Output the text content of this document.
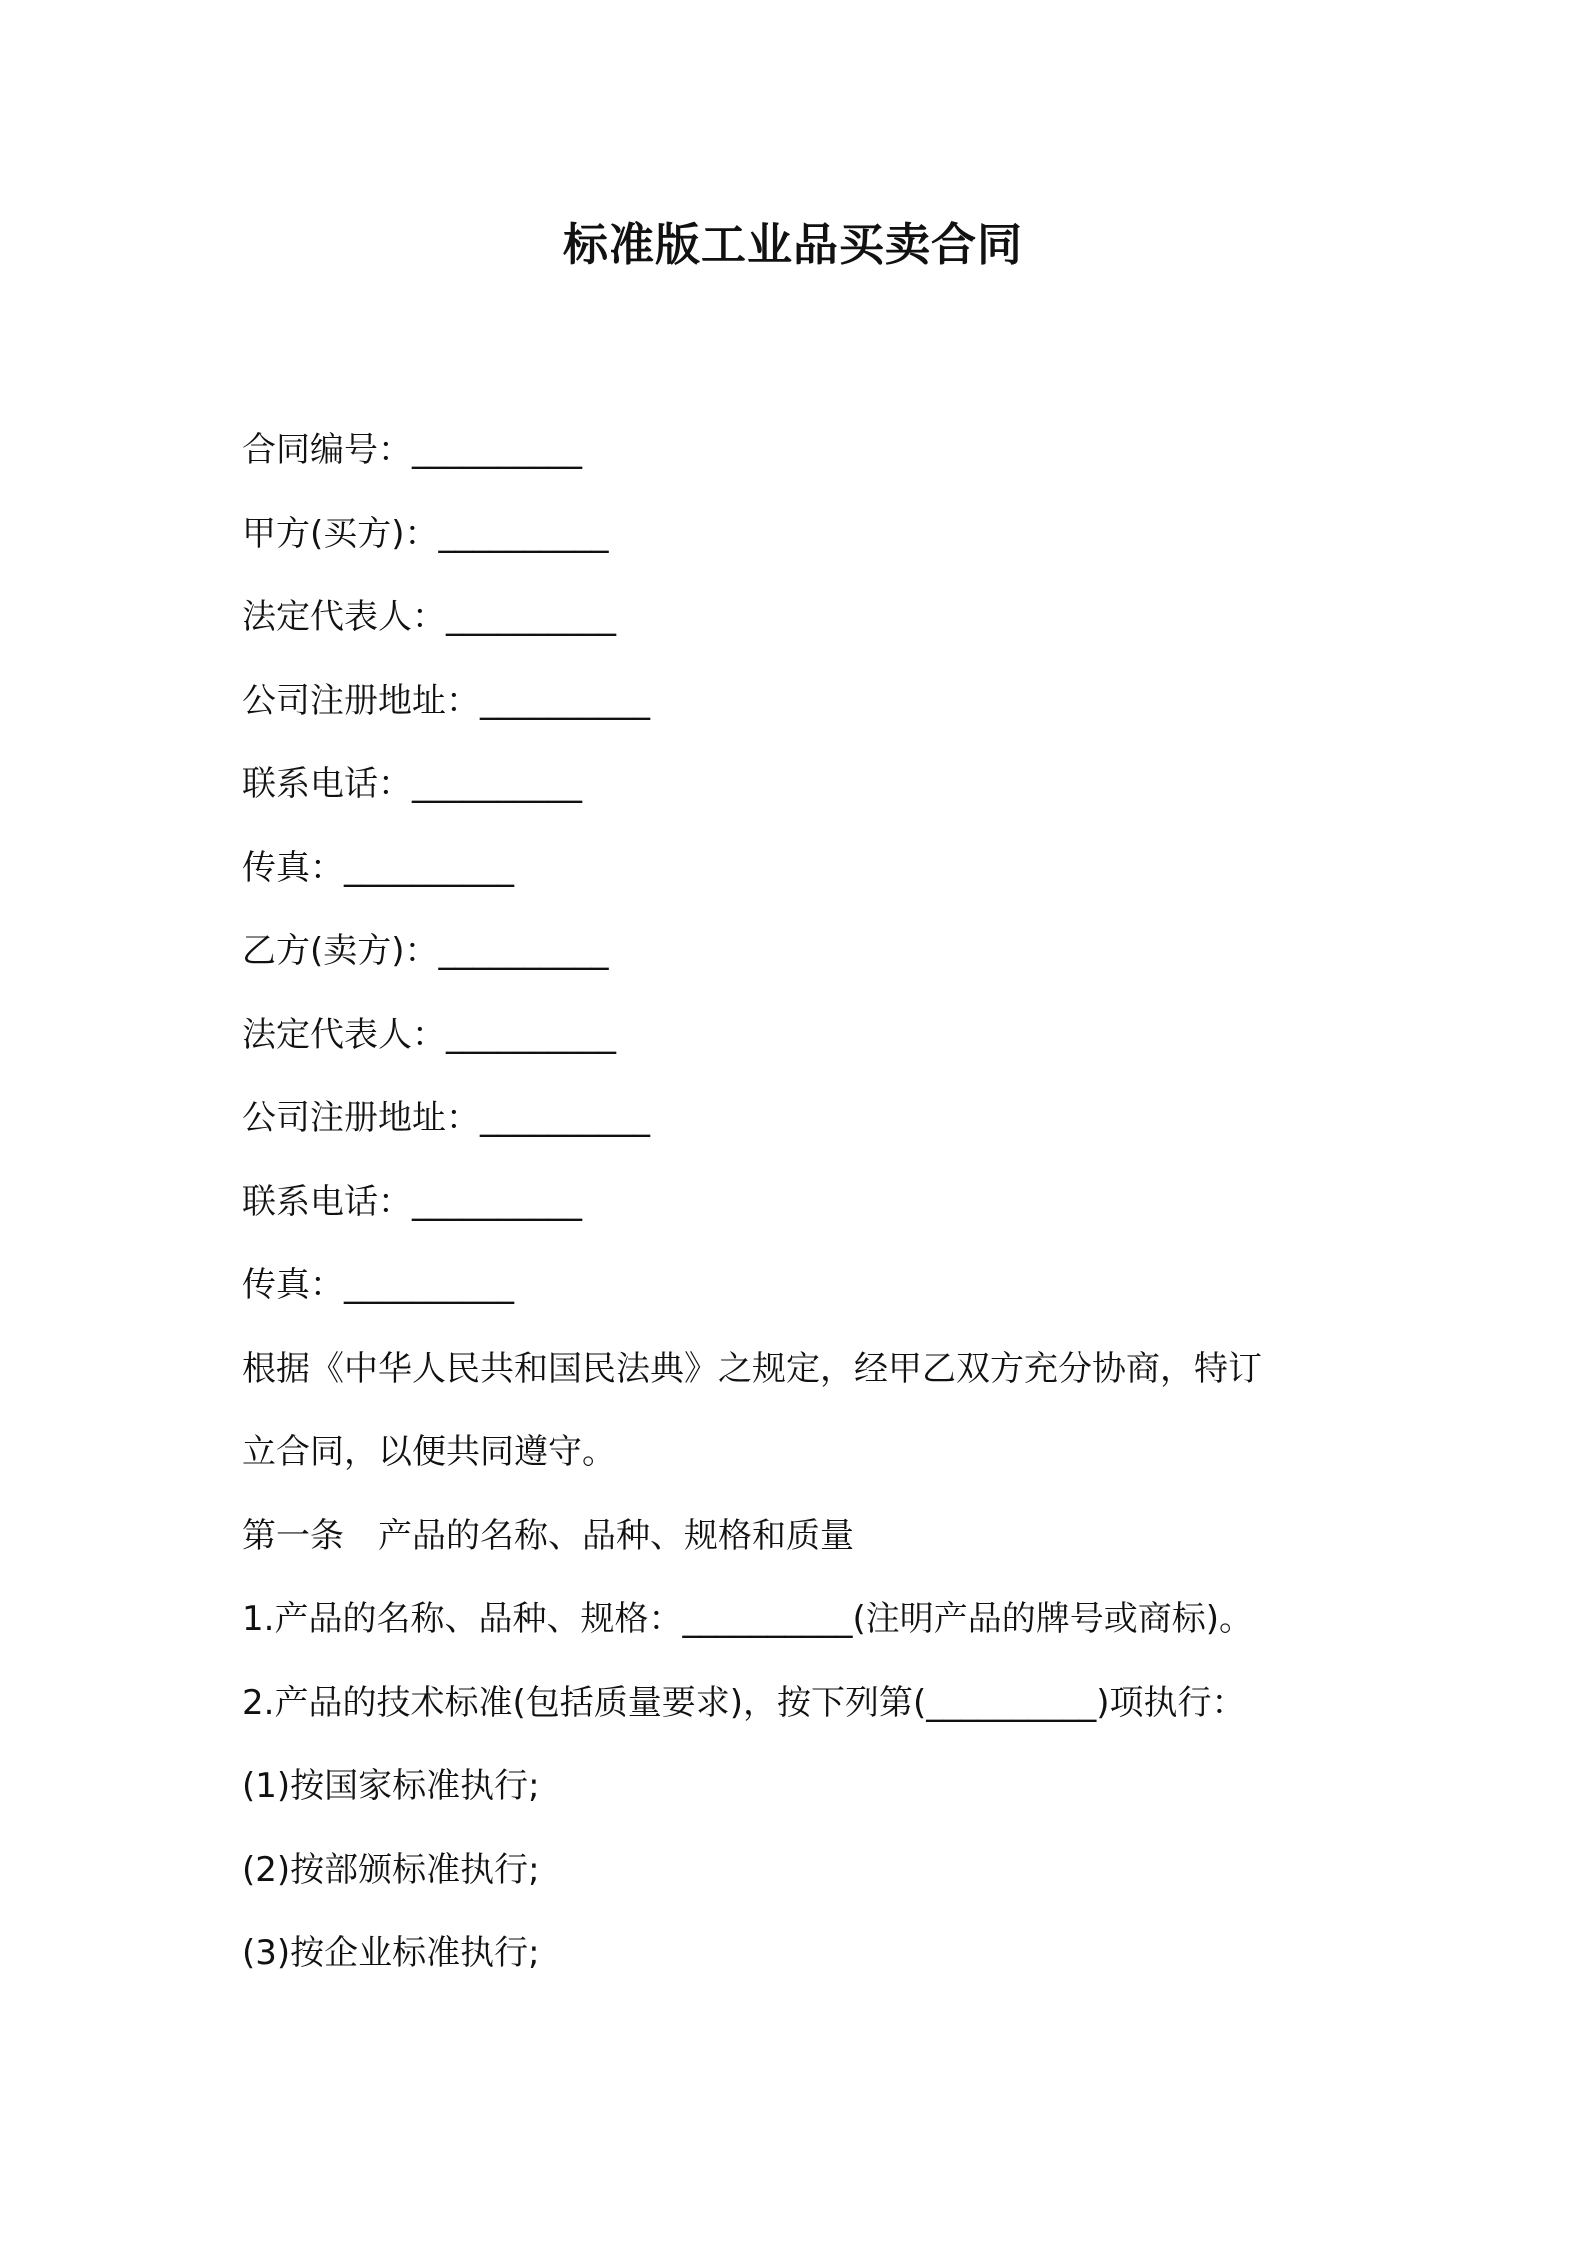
标准版工业品买卖合同
合同编号：__________
甲方(买方)：__________
法定代表人：__________
公司注册地址：__________
联系电话：__________
传真：__________
乙方(卖方)：__________
法定代表人：__________
公司注册地址：__________
联系电话：__________
传真：__________
根据《中华人民共和国民法典》之规定，经甲乙双方充分协商，特订
立合同，以便共同遵守。
第一条　产品的名称、品种、规格和质量
1.产品的名称、品种、规格：__________(注明产品的牌号或商标)。
2.产品的技术标准(包括质量要求)，按下列第(__________)项执行：
(1)按国家标准执行;
(2)按部颁标准执行;
(3)按企业标准执行;
